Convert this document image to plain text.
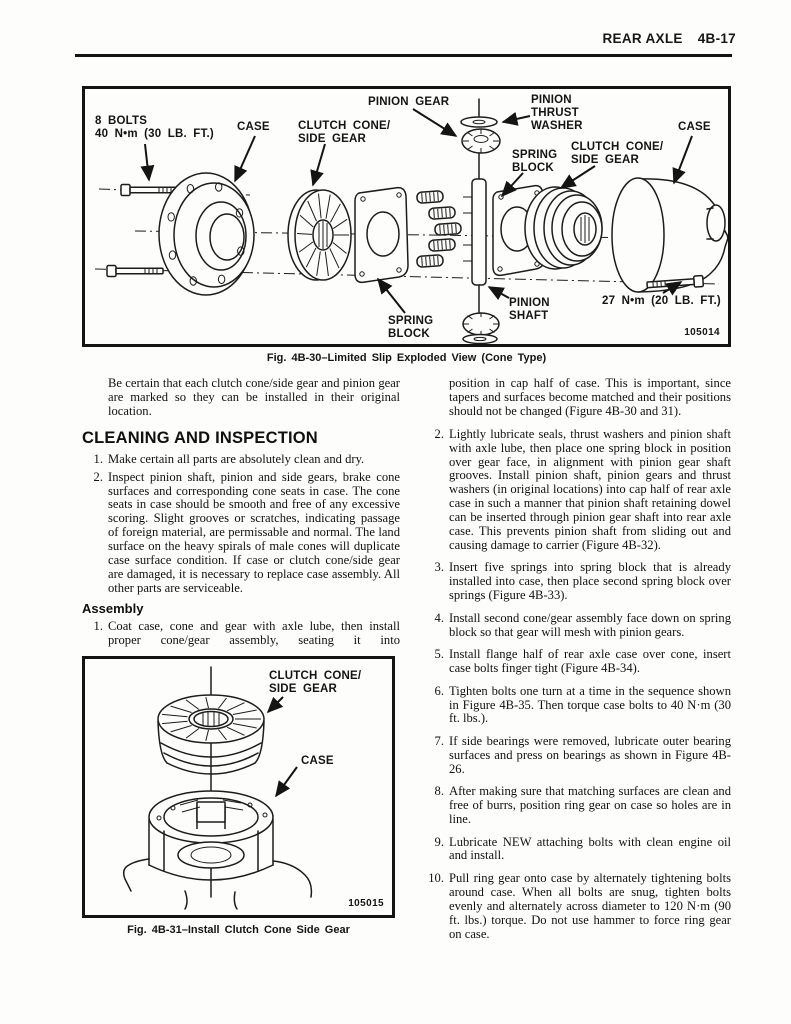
REAR AXLE 4B-17
PINION GEAR	PINION
THRUST
WASHER
8 BOLTS
40 N•m (30 LB. FT.)
CASE CLUTCH CONE/
SIDE GEAR
SPRING
BLOCK
CLUTCH CONE/
SIDE GEAR
CASE
SPRING
BLOCK
PINION
SHAFT
27 N•m (20 LB. FT.)
105014
Fig. 4B-30–Limited Slip Exploded View (Cone Type)

Be certain that each clutch cone/side gear and pinion gear are marked so they can be installed in their original location.

CLEANING AND INSPECTION
1. Make certain all parts are absolutely clean and dry.
2. Inspect pinion shaft, pinion and side gears, brake cone surfaces and corresponding cone seats in case. The cone seats in case should be smooth and free of any excessive scoring. Slight grooves or scratches, indicating passage of foreign material, are permissable and normal. The land surface on the heavy spirals of male cones will duplicate case surface condition. If case or clutch cone/side gear are damaged, it is necessary to replace case assembly. All other parts are serviceable.
Assembly
1. Coat case, cone and gear with axle lube, then install proper cone/gear assembly, seating it into
CLUTCH CONE/
SIDE GEAR
CASE
105015
Fig. 4B-31–Install Clutch Cone Side Gear

position in cap half of case. This is important, since tapers and surfaces become matched and their positions should not be changed (Figure 4B-30 and 31).

2. Lightly lubricate seals, thrust washers and pinion shaft with axle lube, then place one spring block in position over gear face, in alignment with pinion gear shaft grooves. Install pinion shaft, pinion gears and thrust washers (in original locations) into cap half of rear axle case in such a manner that pinion shaft retaining dowel can be inserted through pinion gear shaft into rear axle case. This prevents pinion shaft from sliding out and causing damage to carrier (Figure 4B-32).
3. Insert five springs into spring block that is already installed into case, then place second spring block over springs (Figure 4B-33).
4. Install second cone/gear assembly face down on spring block so that gear will mesh with pinion gears.
5. Install flange half of rear axle case over cone, insert case bolts finger tight (Figure 4B-34).
6. Tighten bolts one turn at a time in the sequence shown in Figure 4B-35. Then torque case bolts to 40 N·m (30 ft. lbs.).
7. If side bearings were removed, lubricate outer bearing surfaces and press on bearings as shown in Figure 4B-26.
8. After making sure that matching surfaces are clean and free of burrs, position ring gear on case so holes are in line.
9. Lubricate NEW attaching bolts with clean engine oil and install.
10. Pull ring gear onto case by alternately tightening bolts around case. When all bolts are snug, tighten bolts evenly and alternately across diameter to 120 N·m (90 ft. lbs.) torque. Do not use hammer to force ring gear on case.
